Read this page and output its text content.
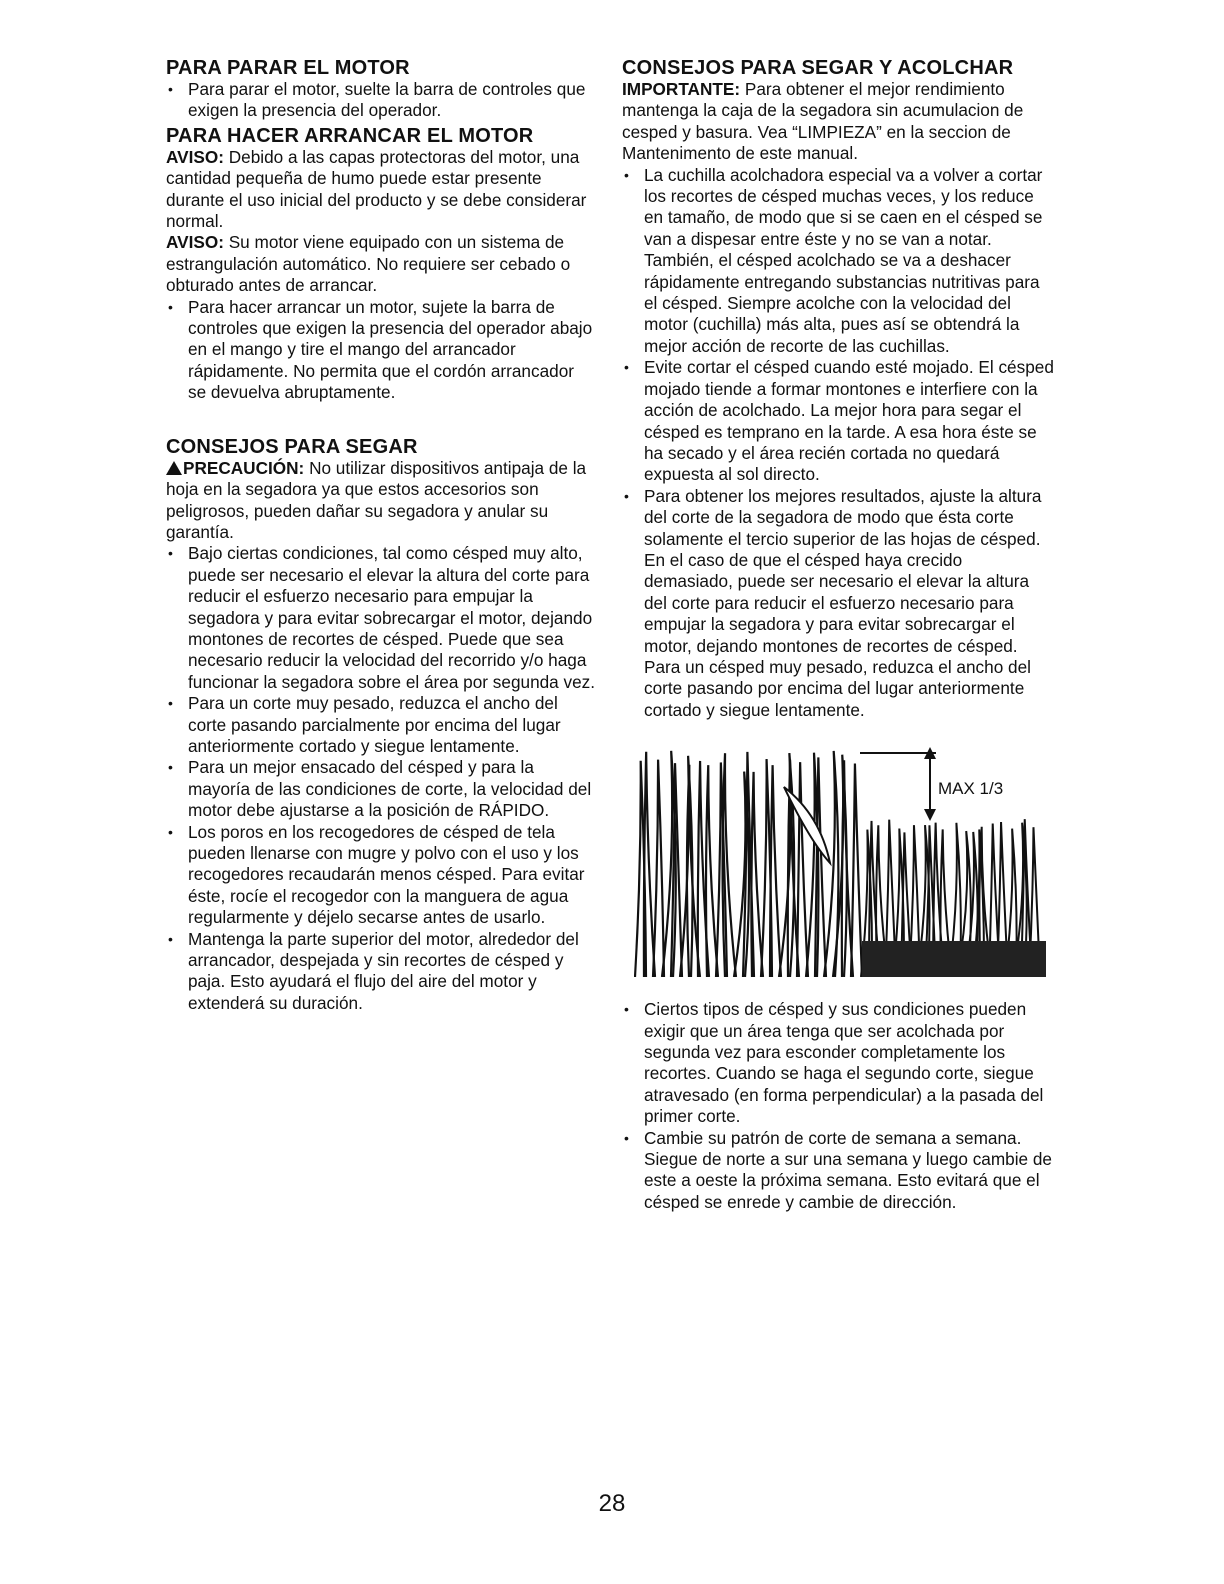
PARA PARAR EL MOTOR
• Para parar el motor, suelte la barra de controles que exigen la presencia del operador.
PARA HACER ARRANCAR EL MOTOR

AVISO: Debido a las capas protectoras del motor, una cantidad pequeña de humo puede estar presente durante el uso inicial del producto y se debe considerar normal.

AVISO: Su motor viene equipado con un sistema de estrangulación automático. No requiere ser cebado o obturado antes de arrancar.

• Para hacer arrancar un motor, sujete la barra de controles que exigen la presencia del operador abajo en el mango y tire el mango del arrancador rápidamente. No permita que el cordón arrancador se devuelva abruptamente.
CONSEJOS PARA SEGAR

PRECAUCIÓN: No utilizar dispositivos antipaja de la hoja en la segadora ya que estos accesorios son peligrosos, pueden dañar su segadora y anular su garantía.

• Bajo ciertas condiciones, tal como césped muy alto, puede ser necesario el elevar la altura del corte para reducir el esfuerzo necesario para empujar la segadora y para evitar sobrecargar el motor, dejando montones de recortes de césped. Puede que sea necesario reducir la velocidad del recorrido y/o haga funcionar la segadora sobre el área por segunda vez.
• Para un corte muy pesado, reduzca el ancho del corte pasando parcialmente por encima del lugar anteriormente cortado y siegue lentamente.
• Para un mejor ensacado del césped y para la mayoría de las condiciones de corte, la velocidad del motor debe ajustarse a la posición de RÁPIDO.
• Los poros en los recogedores de césped de tela pueden llenarse con mugre y polvo con el uso y los recogedores recaudarán menos césped. Para evitar éste, rocíe el recogedor con la manguera de agua regularmente y déjelo secarse antes de usarlo.
• Mantenga la parte superior del motor, alrededor del arrancador, despejada y sin recortes de césped y paja. Esto ayudará el flujo del aire del motor y extenderá su duración.
CONSEJOS PARA SEGAR Y ACOLCHAR

IMPORTANTE: Para obtener el mejor rendimiento mantenga la caja de la segadora sin acumulacion de cesped y basura. Vea “LIMPIEZA” en la seccion de Mantenimento de este manual.

• La cuchilla acolchadora especial va a volver a cortar los recortes de césped muchas veces, y los reduce en tamaño, de modo que si se caen en el césped se van a dispesar entre éste y no se van a notar. También, el césped acolchado se va a deshacer rápidamente entregando substancias nutritivas para el césped. Siempre acolche con la velocidad del motor (cuchilla) más alta, pues así se obtendrá la mejor acción de recorte de las cuchillas.
• Evite cortar el césped cuando esté mojado. El césped mojado tiende a formar montones e interfiere con la acción de acolchado. La mejor hora para segar el césped es temprano en la tarde. A esa hora éste se ha secado y el área recién cortada no quedará expuesta al sol directo.
• Para obtener los mejores resultados, ajuste la altura del corte de la segadora de modo que ésta corte solamente el tercio superior de las hojas de césped. En el caso de que el césped haya crecido demasiado, puede ser necesario el elevar la altura del corte para reducir el esfuerzo necesario para empujar la segadora y para evitar sobrecargar el motor, dejando montones de recortes de césped. Para un césped muy pesado, reduzca el ancho del corte pasando por encima del lugar anteriormente cortado y siegue lentamente.
MAX 1/3
• Ciertos tipos de césped y sus condiciones pueden exigir que un área tenga que ser acolchada por segunda vez para esconder completamente los recortes. Cuando se haga el segundo corte, siegue atravesado (en forma perpendicular) a la pasada del primer corte.
• Cambie su patrón de corte de semana a semana. Siegue de norte a sur una semana y luego cambie de este a oeste la próxima semana. Esto evitará que el césped se enrede y cambie de dirección.
28
